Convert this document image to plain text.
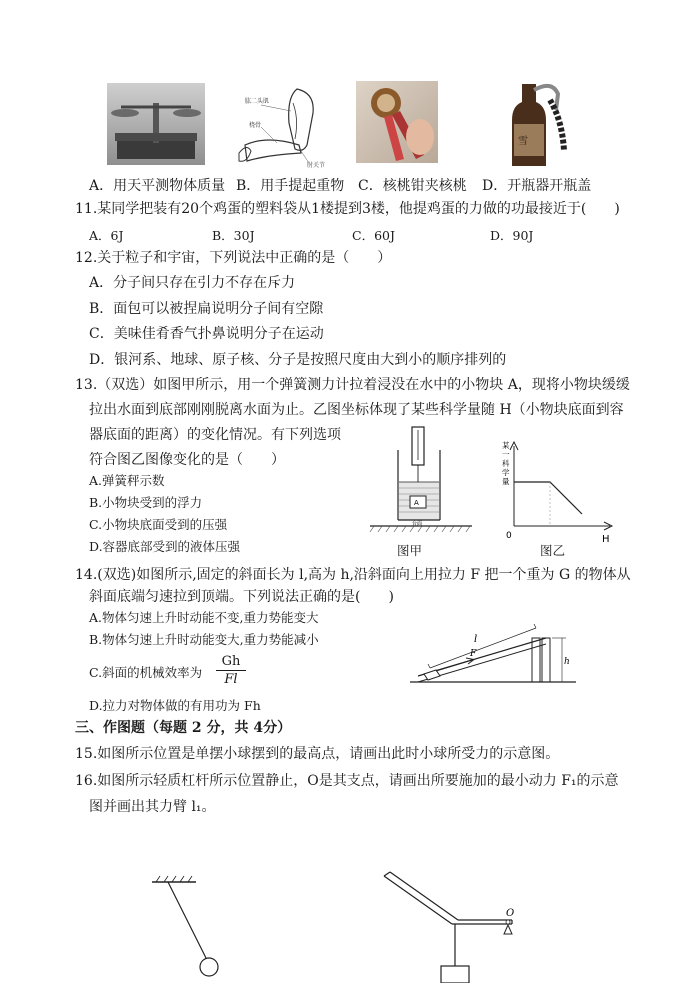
肱二头肌
桡骨
肘关节
雪
A．用天平测物体质量 B．用手提起重物 C．核桃钳夹核桃 D．开瓶器开瓶盖
11.某同学把装有20个鸡蛋的塑料袋从1楼提到3楼，他提鸡蛋的力做的功最接近于(　　)
A．6J	B．30J	C．60J	D．90J
12.关于粒子和宇宙，下列说法中正确的是（　　）
A．分子间只存在引力不存在斥力
B．面包可以被捏扁说明分子间有空隙
C．美味佳肴香气扑鼻说明分子在运动
D．银河系、地球、原子核、分子是按照尺度由大到小的顺序排列的
13.（双选）如图甲所示，用一个弹簧测力计拉着浸没在水中的小物块 A，现将小物块缓缓
拉出水面到底部刚刚脱离水面为止。乙图坐标体现了某些科学量随 H（小物块底面到容
器底面的距离）的变化情况。有下列选项
符合图乙图像变化的是（　　）
A.弹簧秤示数
B.小物块受到的浮力
C.小物块底面受到的压强
D.容器底部受到的液体压强
A
台面
图甲
某一科学量
0	H
图乙
14.(双选)如图所示,固定的斜面长为 l,高为 h,沿斜面向上用拉力 F 把一个重为 G 的物体从
斜面底端匀速拉到顶端。下列说法正确的是(　　)
A.物体匀速上升时动能不变,重力势能变大
B.物体匀速上升时动能变大,重力势能减小
C.斜面的机械效率为 $\frac{Gh}{Fl}$
D.拉力对物体做的有用功为 Fh
l
F
h
三、作图题（每题 2 分，共 4分）
15.如图所示位置是单摆小球摆到的最高点，请画出此时小球所受力的示意图。
16.如图所示轻质杠杆所示位置静止，O是其支点，请画出所要施加的最小动力 F₁的示意
图并画出其力臂 l₁。
O
